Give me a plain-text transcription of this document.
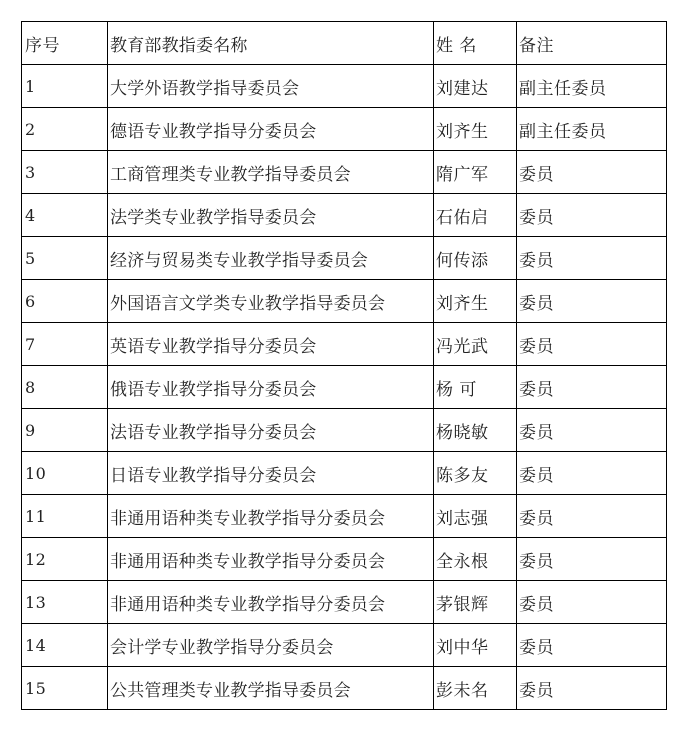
序号	教育部教指委名称	姓 名	备注
1	大学外语教学指导委员会	刘建达	副主任委员
2	德语专业教学指导分委员会	刘齐生	副主任委员
3	工商管理类专业教学指导委员会	隋广军	委员
4	法学类专业教学指导委员会	石佑启	委员
5	经济与贸易类专业教学指导委员会	何传添	委员
6	外国语言文学类专业教学指导委员会	刘齐生	委员
7	英语专业教学指导分委员会	冯光武	委员
8	俄语专业教学指导分委员会	杨 可	委员
9	法语专业教学指导分委员会	杨晓敏	委员
10	日语专业教学指导分委员会	陈多友	委员
11	非通用语种类专业教学指导分委员会	刘志强	委员
12	非通用语种类专业教学指导分委员会	全永根	委员
13	非通用语种类专业教学指导分委员会	茅银辉	委员
14	会计学专业教学指导分委员会	刘中华	委员
15	公共管理类专业教学指导委员会	彭未名	委员
